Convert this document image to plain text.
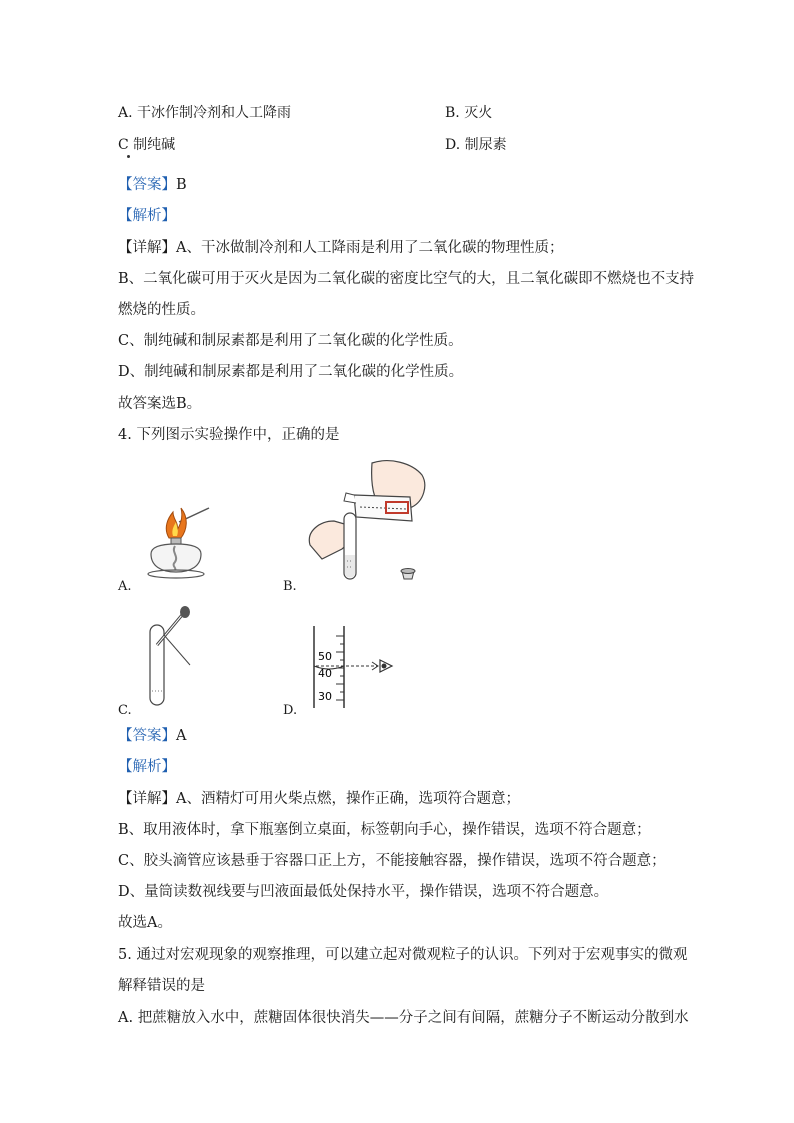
A. 干冰作制冷剂和人工降雨	B. 灭火
C 制纯碱	D. 制尿素
【答案】B
【解析】
【详解】A、干冰做制冷剂和人工降雨是利用了二氧化碳的物理性质；
B、二氧化碳可用于灭火是因为二氧化碳的密度比空气的大，且二氧化碳即不燃烧也不支持
燃烧的性质。
C、制纯碱和制尿素都是利用了二氧化碳的化学性质。
D、制纯碱和制尿素都是利用了二氧化碳的化学性质。
故答案选B。
4. 下列图示实验操作中，正确的是
A.	B.
C.
50
40
30
D.
【答案】A
【解析】
【详解】A、酒精灯可用火柴点燃，操作正确，选项符合题意；
B、取用液体时，拿下瓶塞倒立桌面，标签朝向手心，操作错误，选项不符合题意；
C、胶头滴管应该悬垂于容器口正上方，不能接触容器，操作错误，选项不符合题意；
D、量筒读数视线要与凹液面最低处保持水平，操作错误，选项不符合题意。
故选A。
5. 通过对宏观现象的观察推理，可以建立起对微观粒子的认识。下列对于宏观事实的微观
解释错误的是
A. 把蔗糖放入水中，蔗糖固体很快消失——分子之间有间隔，蔗糖分子不断运动分散到水
